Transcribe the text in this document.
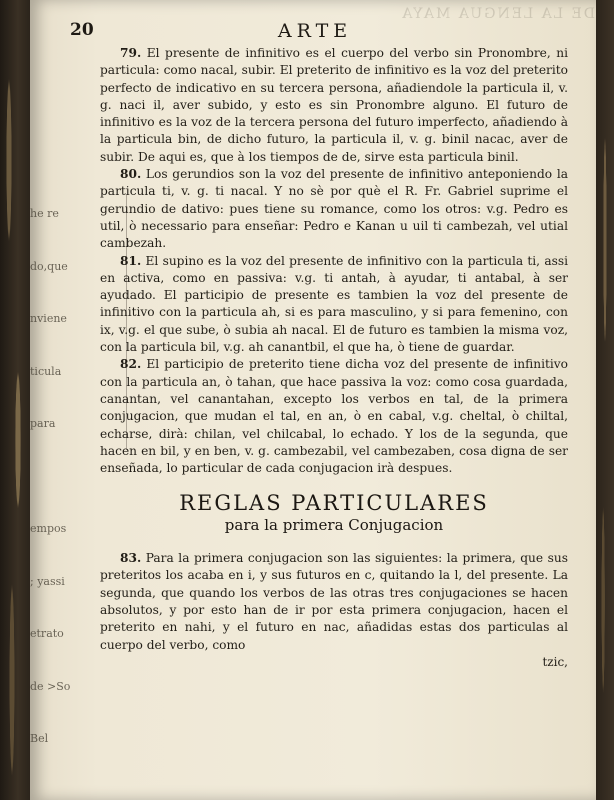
DE LA LENGUA MAYA

he re

do,que

nviene

ticula

para

empos

; yassi

etrato

de >So

Bel

20	ARTE

79. El presente de infinitivo es el cuerpo del verbo sin Pronombre, ni particula: como nacal, subir. El preterito de infinitivo es la voz del preterito perfecto de indicativo en su tercera persona, añadiendole la particula il, v. g. naci il, aver subido, y esto es sin Pronombre alguno. El futuro de infinitivo es la voz de la tercera persona del futuro imperfecto, añadiendo à la particula bin, de dicho futuro, la particula il, v. g. binil nacac, aver de subir. De aqui es, que à los tiempos de de, sirve esta particula binil.

80. Los gerundios son la voz del presente de infinitivo anteponiendo la particula ti, v. g. ti nacal. Y no sè por què el R. Fr. Gabriel suprime el gerundio de dativo: pues tiene su romance, como los otros: v.g. Pedro es util, ò necessario para enseñar: Pedro e Kanan u uil ti cambezah, vel utial cambezah.

81. El supino es la voz del presente de infinitivo con la particula ti, assi en activa, como en passiva: v.g. ti antah, à ayudar, ti antabal, à ser ayudado. El participio de presente es tambien la voz del presente de infinitivo con la particula ah, si es para masculino, y si para femenino, con ix, v.g. el que sube, ò subia ah nacal. El de futuro es tambien la misma voz, con la particula bil, v.g. ah canantbil, el que ha, ò tiene de guardar.

82. El participio de preterito tiene dicha voz del presente de infinitivo con la particula an, ò tahan, que hace passiva la voz: como cosa guardada, canantan, vel canantahan, excepto los verbos en tal, de la primera conjugacion, que mudan el tal, en an, ò en cabal, v.g. cheltal, ò chiltal, echarse, dirà: chilan, vel chilcabal, lo echado. Y los de la segunda, que hacen en bil, y en ben, v. g. cambezabil, vel cambezaben, cosa digna de ser enseñada, lo particular de cada conjugacion irà despues.

REGLAS PARTICULARES
para la primera Conjugacion

83. Para la primera conjugacion son las siguientes: la primera, que sus preteritos los acaba en i, y sus futuros en c, quitando la l, del presente. La segunda, que quando los verbos de las otras tres conjugaciones se hacen absolutos, y por esto han de ir por esta primera conjugacion, hacen el preterito en nahi, y el futuro en nac, añadidas estas dos particulas al cuerpo del verbo, como

tzic,
